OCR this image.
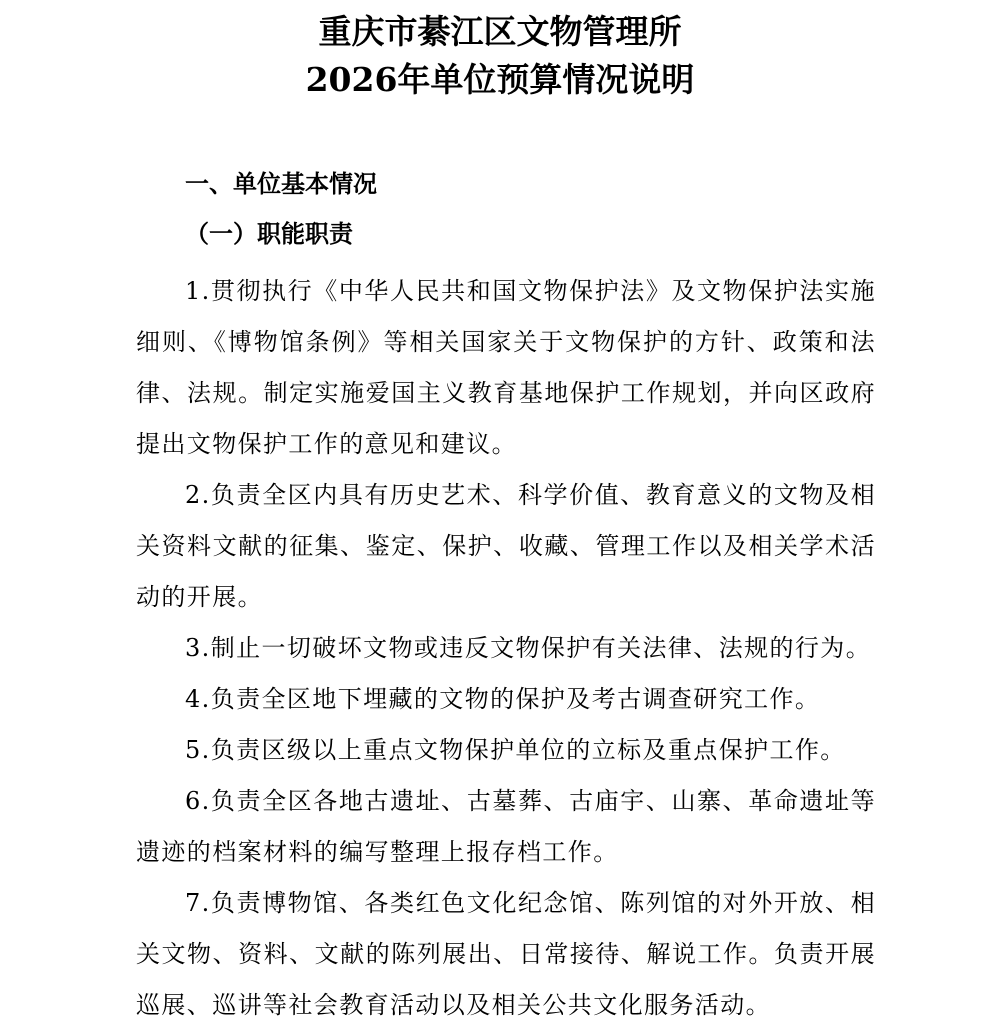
重庆市綦江区文物管理所
2026年单位预算情况说明
一、单位基本情况
（一）职能职责

1.贯彻执行《中华人民共和国文物保护法》及文物保护法实施细则、《博物馆条例》等相关国家关于文物保护的方针、政策和法律、法规。制定实施爱国主义教育基地保护工作规划，并向区政府提出文物保护工作的意见和建议。

2.负责全区内具有历史艺术、科学价值、教育意义的文物及相关资料文献的征集、鉴定、保护、收藏、管理工作以及相关学术活动的开展。

3.制止一切破坏文物或违反文物保护有关法律、法规的行为。

4.负责全区地下埋藏的文物的保护及考古调查研究工作。

5.负责区级以上重点文物保护单位的立标及重点保护工作。

6.负责全区各地古遗址、古墓葬、古庙宇、山寨、革命遗址等遗迹的档案材料的编写整理上报存档工作。

7.负责博物馆、各类红色文化纪念馆、陈列馆的对外开放、相关文物、资料、文献的陈列展出、日常接待、解说工作。负责开展巡展、巡讲等社会教育活动以及相关公共文化服务活动。
